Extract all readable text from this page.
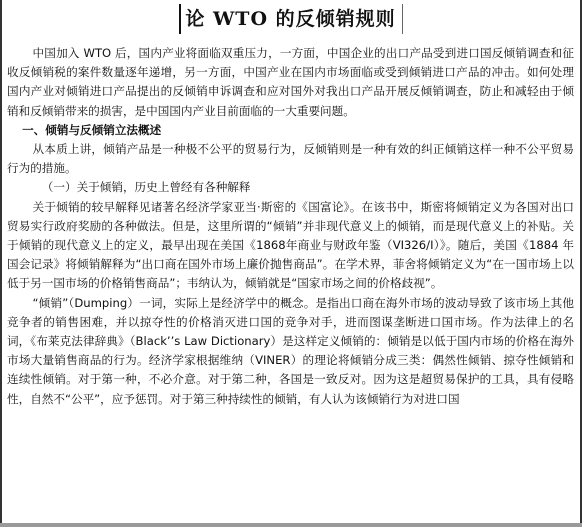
论 WTO 的反倾销规则

中国加入 WTO 后，国内产业将面临双重压力，一方面，中国企业的出口产品受到进口国反倾销调查和征收反倾销税的案件数量逐年递增，另一方面，中国产业在国内市场面临或受到倾销进口产品的冲击。如何处理国内产业对倾销进口产品提出的反倾销申诉调查和应对国外对我出口产品开展反倾销调查，防止和减轻由于倾销和反倾销带来的损害，是中国国内产业目前面临的一大重要问题。

一、倾销与反倾销立法概述

从本质上讲，倾销产品是一种极不公平的贸易行为，反倾销则是一种有效的纠正倾销这样一种不公平贸易行为的措施。

（一）关于倾销，历史上曾经有各种解释

关于倾销的较早解释见诸著名经济学家亚当·斯密的《国富论》。在该书中，斯密将倾销定义为各国对出口贸易实行政府奖励的各种做法。但是，这里所谓的“倾销”并非现代意义上的倾销，而是现代意义上的补贴。关于倾销的现代意义上的定义，最早出现在美国《1868年商业与财政年鉴（VI326/I）》。随后，美国《1884 年国会记录》将倾销解释为“出口商在国外市场上廉价抛售商品”。在学术界，菲舍将倾销定义为“在一国市场上以低于另一国市场的价格销售商品”；韦纳认为，倾销就是“国家市场之间的价格歧视”。

“倾销”（Dumping）一词，实际上是经济学中的概念。是指出口商在海外市场的波动导致了该市场上其他竞争者的销售困难，并以掠夺性的价格消灭进口国的竞争对手，进而图谋垄断进口国市场。作为法律上的名词，《布莱克法律辞典》（Black’’s Law Dictionary）是这样定义倾销的：倾销是以低于国内市场的价格在海外市场大量销售商品的行为。经济学家根据维纳（VINER）的理论将倾销分成三类：偶然性倾销、掠夺性倾销和连续性倾销。对于第一种，不必介意。对于第二种，各国是一致反对。因为这是超贸易保护的工具，具有侵略性，自然不“公平”，应予惩罚。对于第三种持续性的倾销，有人认为该倾销行为对进口国
